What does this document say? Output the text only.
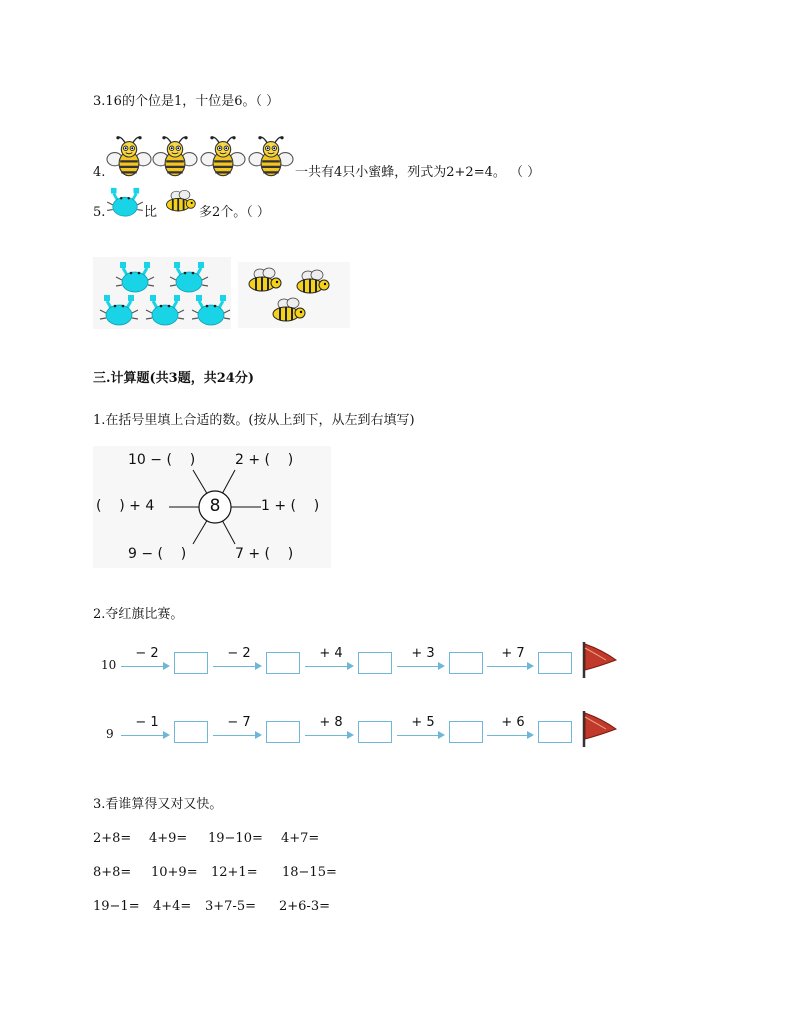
3.16的个位是1，十位是6。（ ）
4.	一共有4只小蜜蜂，列式为2+2=4。 （ ）
5.	比	多2个。（ ）
三.计算题(共3题，共24分)
1.在括号里填上合适的数。(按从上到下，从左到右填写)
8
10 − (    )	2 + (    )
(    ) + 4	1 + (    )
9 − (    )	7 + (    )
2.夺红旗比赛。
10
− 2	− 2	+ 4	+ 3	+ 7
9
− 1	− 7	+ 8	+ 5	+ 6
3.看谁算得又对又快。
2+8= 4+9= 19−10= 4+7=
8+8= 10+9= 12+1= 18−15=
19−1= 4+4= 3+7-5= 2+6-3=
